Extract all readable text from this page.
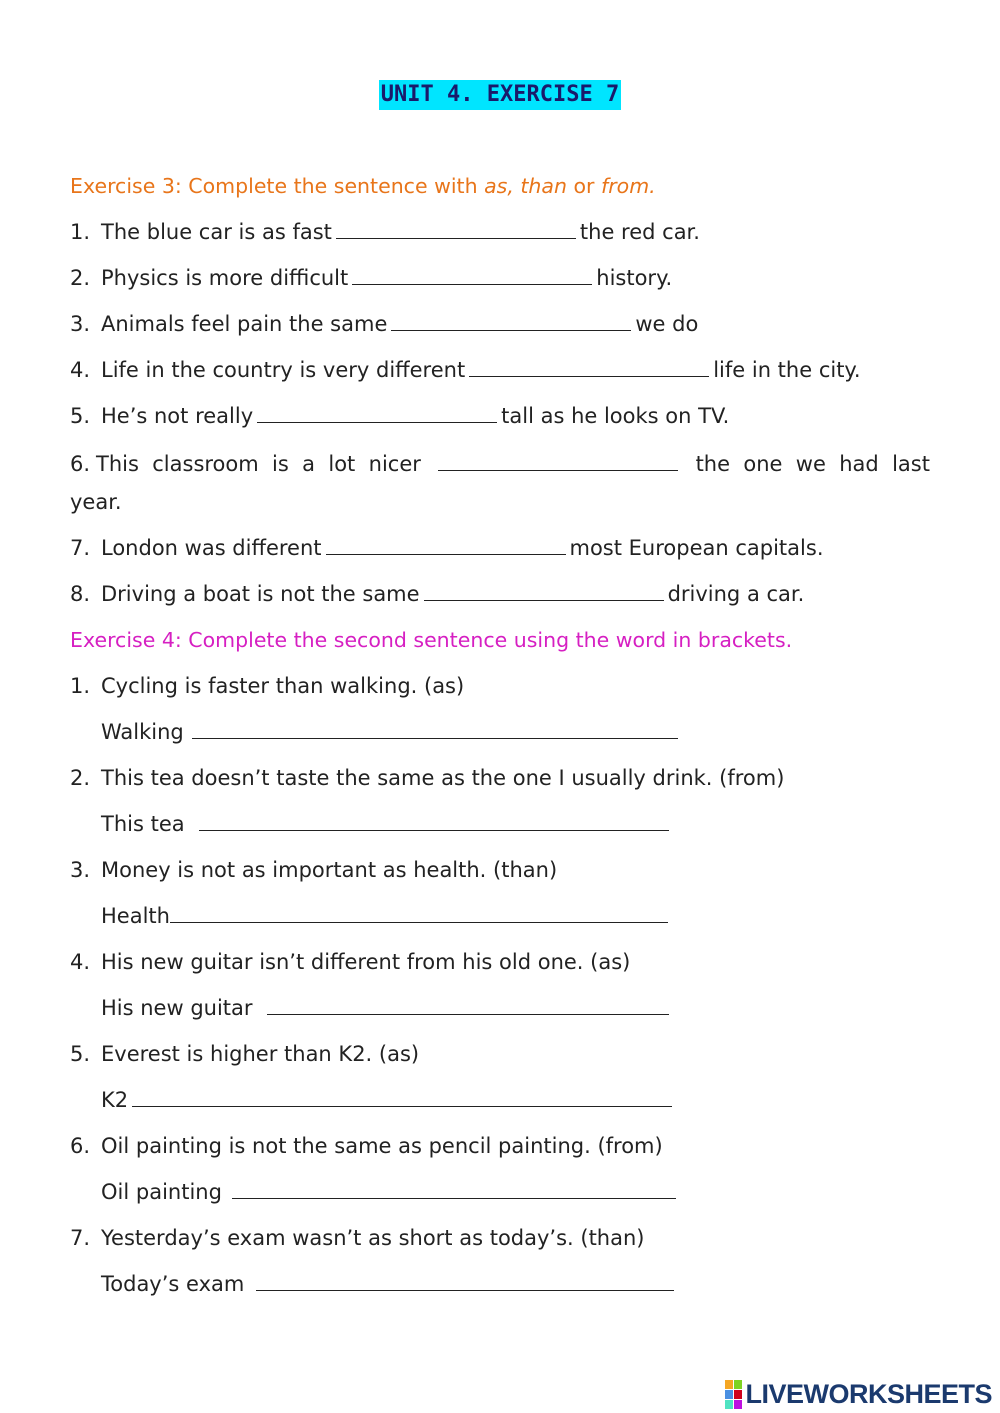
UNIT 4. EXERCISE 7
Exercise 3: Complete the sentence with as, than or from.
1. The blue car is as fast	the red car.
2. Physics is more difficult	history.
3. Animals feel pain the same	we do
4. Life in the country is very different	life in the city.
5. He’s not really	tall as he looks on TV.
6. This classroom is a lot nicer	the one we had last
year.
7. London was different	most European capitals.
8. Driving a boat is not the same	driving a car.
Exercise 4: Complete the second sentence using the word in brackets.
1. Cycling is faster than walking. (as)
Walking
2. This tea doesn’t taste the same as the one I usually drink. (from)
This tea
3. Money is not as important as health. (than)
Health
4. His new guitar isn’t different from his old one. (as)
His new guitar
5. Everest is higher than K2. (as)
K2
6. Oil painting is not the same as pencil painting. (from)
Oil painting
7. Yesterday’s exam wasn’t as short as today’s. (than)
Today’s exam
LIVEWORKSHEETS
